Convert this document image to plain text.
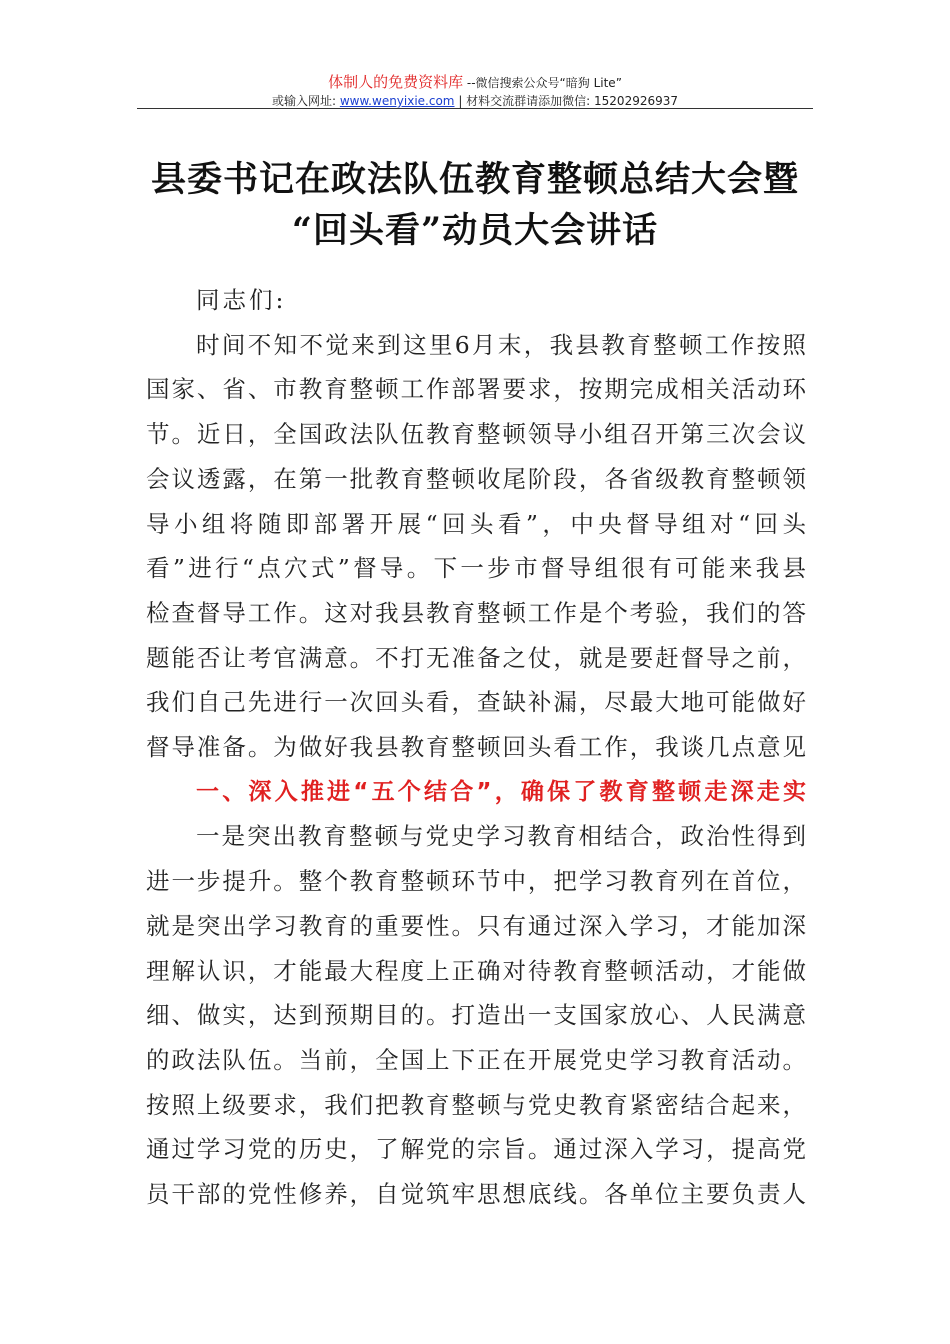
体制人的免费资料库 --微信搜索公众号“暗狗 Lite”
或输入网址: www.wenyixie.com | 材料交流群请添加微信: 15202926937
县委书记在政法队伍教育整顿总结大会暨
“回头看”动员大会讲话
同志们:
时间不知不觉来到这里6月末，我县教育整顿工作按照
国家、省、市教育整顿工作部署要求，按期完成相关活动环
节。近日，全国政法队伍教育整顿领导小组召开第三次会议
会议透露，在第一批教育整顿收尾阶段，各省级教育整顿领
导小组将随即部署开展“回头看”，中央督导组对“回头
看”进行“点穴式”督导。下一步市督导组很有可能来我县
检查督导工作。这对我县教育整顿工作是个考验，我们的答
题能否让考官满意。不打无准备之仗，就是要赶督导之前，
我们自己先进行一次回头看，查缺补漏，尽最大地可能做好
督导准备。为做好我县教育整顿回头看工作，我谈几点意见
一、深入推进“五个结合”，确保了教育整顿走深走实
一是突出教育整顿与党史学习教育相结合，政治性得到
进一步提升。整个教育整顿环节中，把学习教育列在首位，
就是突出学习教育的重要性。只有通过深入学习，才能加深
理解认识，才能最大程度上正确对待教育整顿活动，才能做
细、做实，达到预期目的。打造出一支国家放心、人民满意
的政法队伍。当前，全国上下正在开展党史学习教育活动。
按照上级要求，我们把教育整顿与党史教育紧密结合起来，
通过学习党的历史，了解党的宗旨。通过深入学习，提高党
员干部的党性修养，自觉筑牢思想底线。各单位主要负责人
